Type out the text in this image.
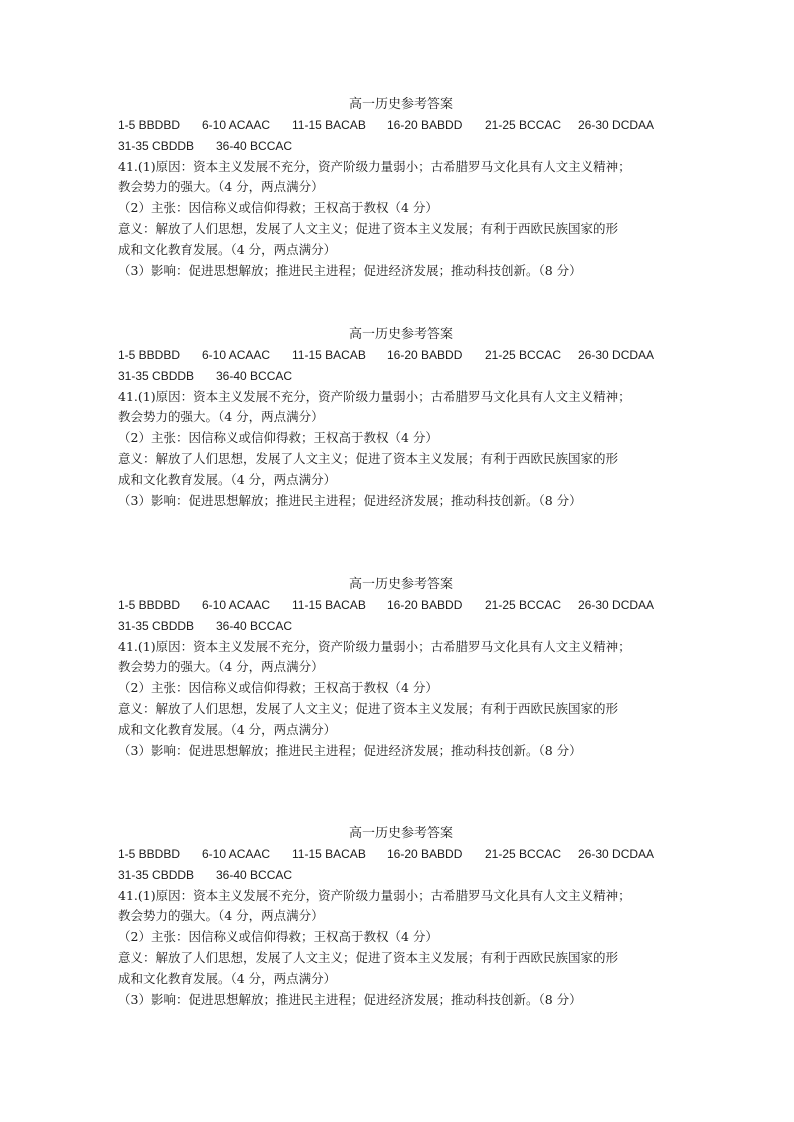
高一历史参考答案
1-5 BBDBD 6-10 ACAAC 11-15 BACAB 16-20 BABDD 21-25 BCCAC 26-30 DCDAA
31-35 CBDDB 36-40 BCCAC
41.(1)原因：资本主义发展不充分，资产阶级力量弱小；古希腊罗马文化具有人文主义精神；
教会势力的强大。（4 分，两点满分）
（2）主张：因信称义或信仰得救；王权高于教权（4 分）
意义：解放了人们思想，发展了人文主义；促进了资本主义发展；有利于西欧民族国家的形
成和文化教育发展。（4 分，两点满分）
（3）影响：促进思想解放；推进民主进程；促进经济发展；推动科技创新。（8 分）
高一历史参考答案
1-5 BBDBD 6-10 ACAAC 11-15 BACAB 16-20 BABDD 21-25 BCCAC 26-30 DCDAA
31-35 CBDDB 36-40 BCCAC
41.(1)原因：资本主义发展不充分，资产阶级力量弱小；古希腊罗马文化具有人文主义精神；
教会势力的强大。（4 分，两点满分）
（2）主张：因信称义或信仰得救；王权高于教权（4 分）
意义：解放了人们思想，发展了人文主义；促进了资本主义发展；有利于西欧民族国家的形
成和文化教育发展。（4 分，两点满分）
（3）影响：促进思想解放；推进民主进程；促进经济发展；推动科技创新。（8 分）
高一历史参考答案
1-5 BBDBD 6-10 ACAAC 11-15 BACAB 16-20 BABDD 21-25 BCCAC 26-30 DCDAA
31-35 CBDDB 36-40 BCCAC
41.(1)原因：资本主义发展不充分，资产阶级力量弱小；古希腊罗马文化具有人文主义精神；
教会势力的强大。（4 分，两点满分）
（2）主张：因信称义或信仰得救；王权高于教权（4 分）
意义：解放了人们思想，发展了人文主义；促进了资本主义发展；有利于西欧民族国家的形
成和文化教育发展。（4 分，两点满分）
（3）影响：促进思想解放；推进民主进程；促进经济发展；推动科技创新。（8 分）
高一历史参考答案
1-5 BBDBD 6-10 ACAAC 11-15 BACAB 16-20 BABDD 21-25 BCCAC 26-30 DCDAA
31-35 CBDDB 36-40 BCCAC
41.(1)原因：资本主义发展不充分，资产阶级力量弱小；古希腊罗马文化具有人文主义精神；
教会势力的强大。（4 分，两点满分）
（2）主张：因信称义或信仰得救；王权高于教权（4 分）
意义：解放了人们思想，发展了人文主义；促进了资本主义发展；有利于西欧民族国家的形
成和文化教育发展。（4 分，两点满分）
（3）影响：促进思想解放；推进民主进程；促进经济发展；推动科技创新。（8 分）
